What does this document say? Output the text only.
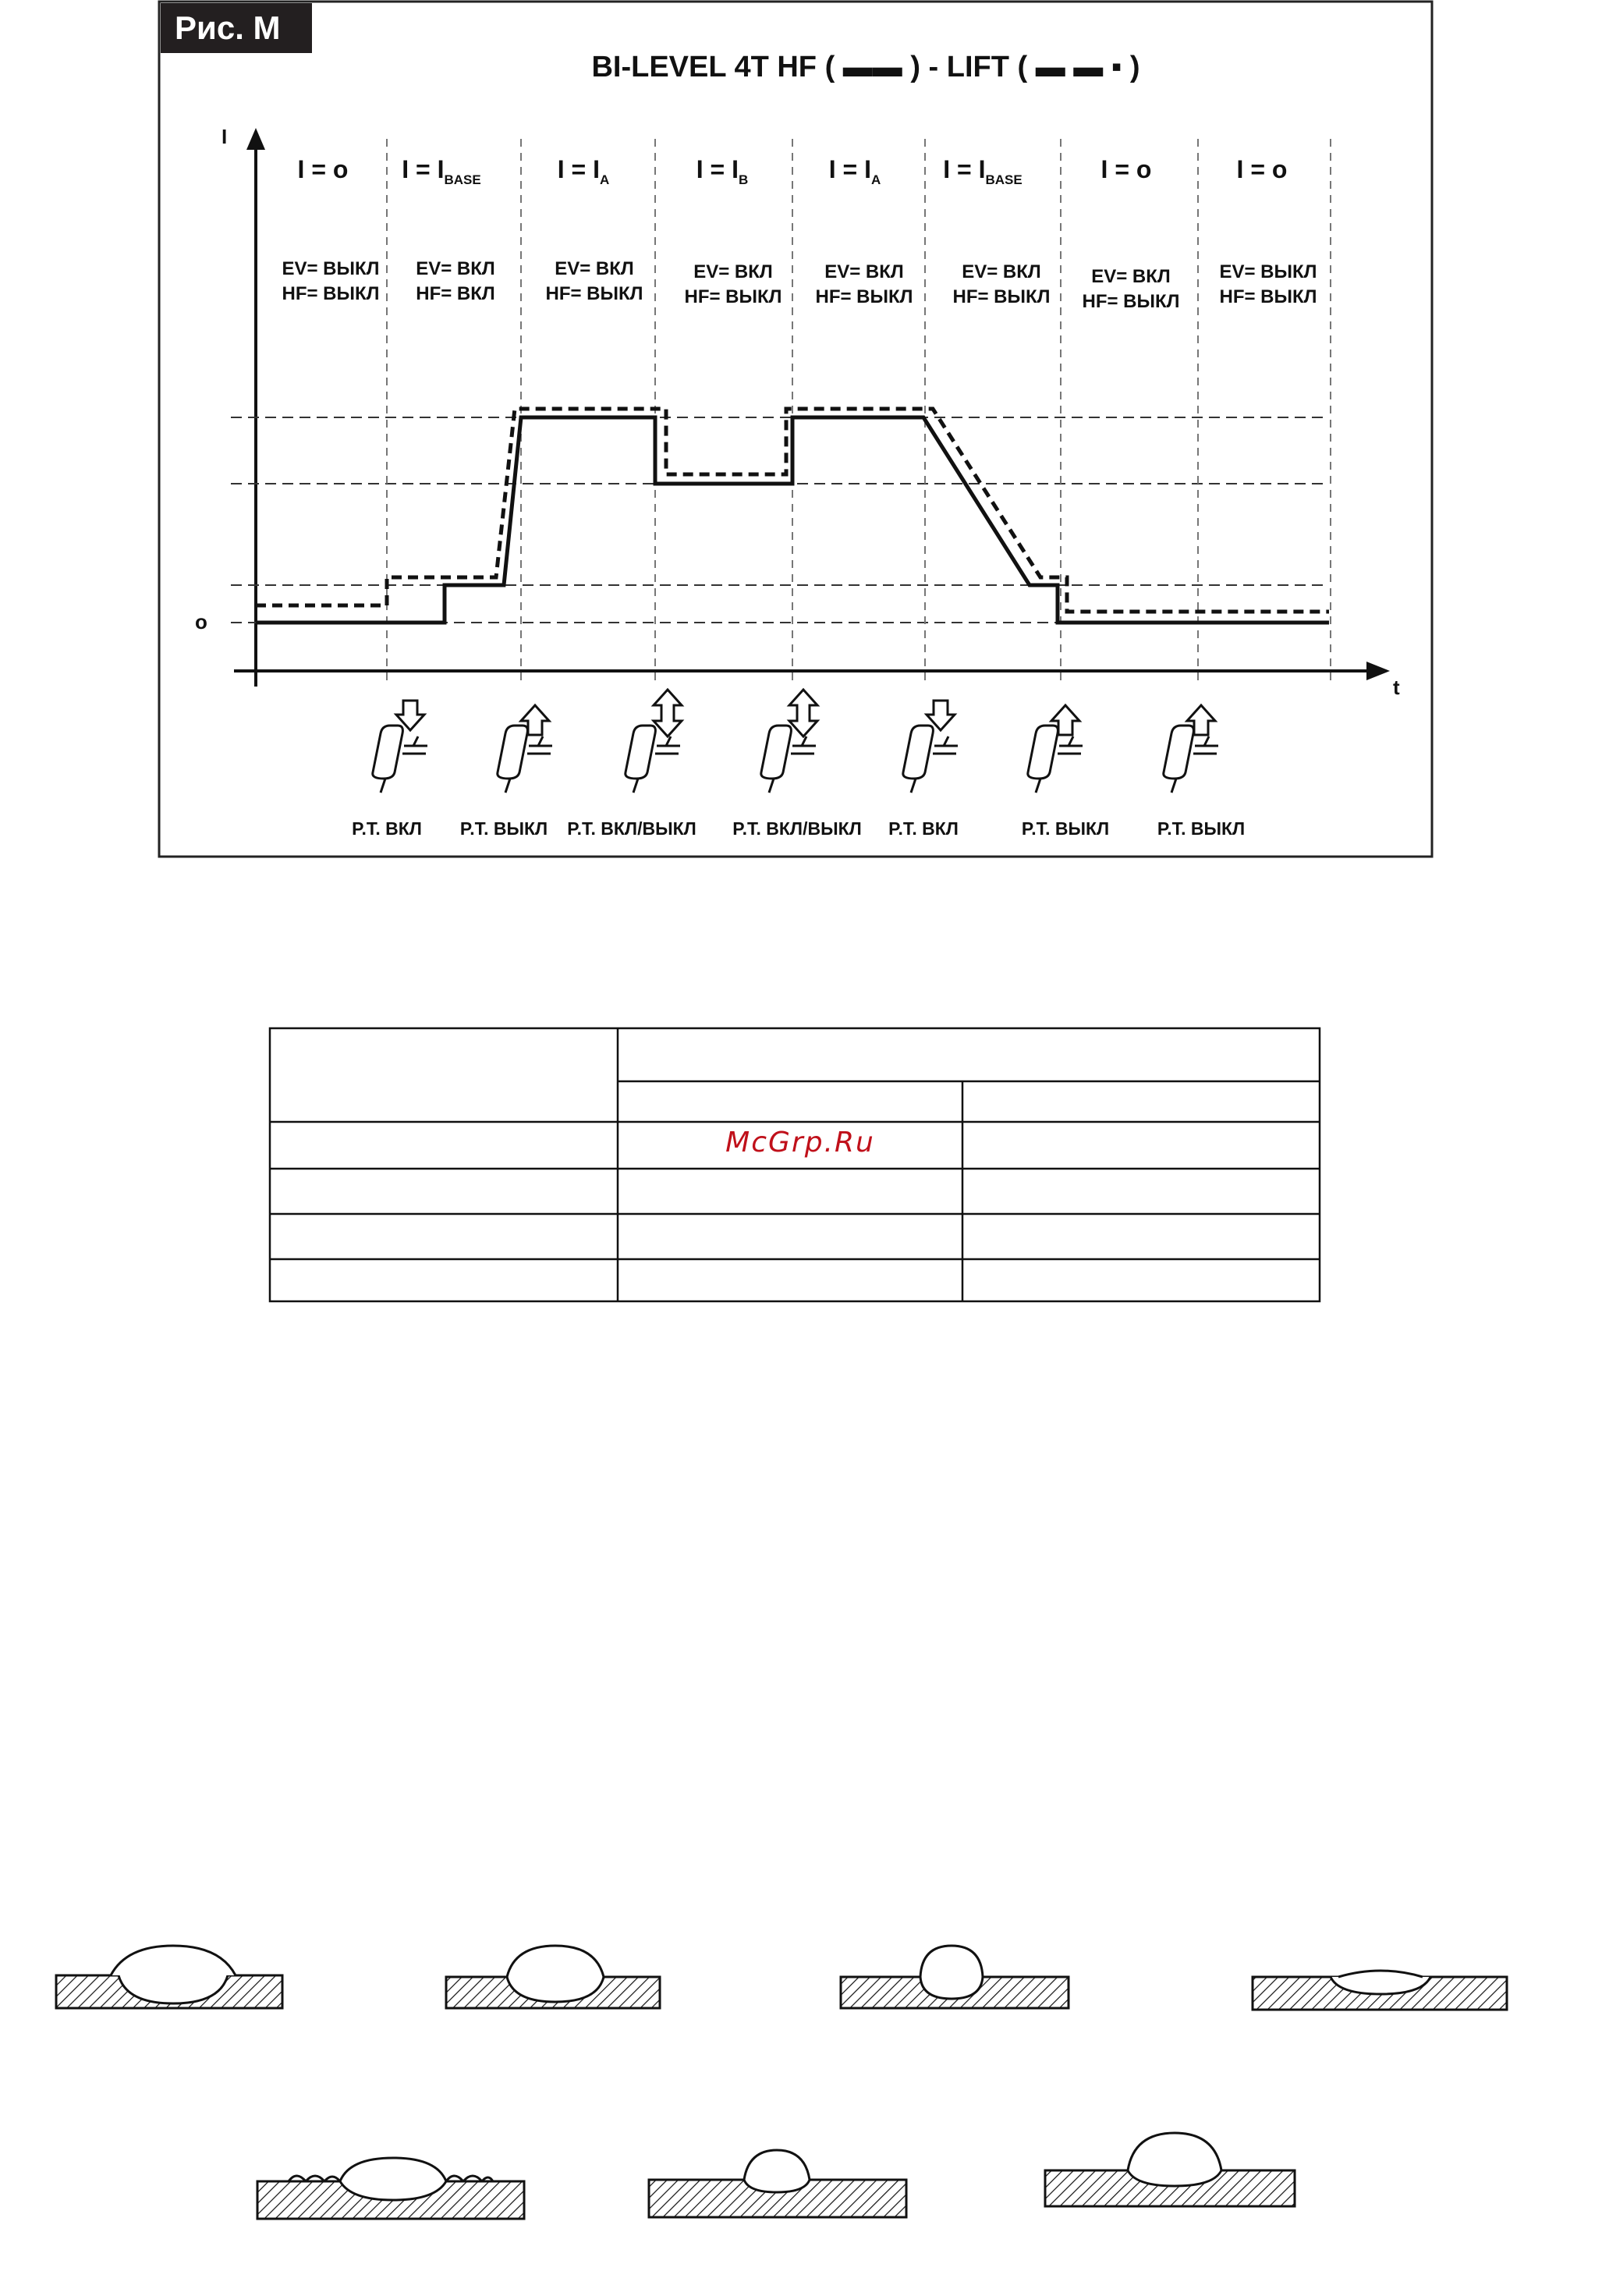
Рис. M
BI-LEVEL 4T HF ( ▬▬ ) - LIFT ( ▬ ▬ ▪ )
I
t
o
I = o $I = I_{BASE}$	$I = I_A$	$I = I_B$	$I = I_A$ $I = I_{BASE}$	I = o	I = o
EV= ВЫКЛ
HF= ВЫКЛ
EV= ВКЛ
HF= ВКЛ
EV= ВКЛ
HF= ВЫКЛ
EV= ВКЛ
HF= ВЫКЛ
EV= ВКЛ
HF= ВЫКЛ
EV= ВКЛ
HF= ВЫКЛ
EV= ВКЛ
HF= ВЫКЛ
EV= ВЫКЛ
HF= ВЫКЛ
P.T. ВКЛ P.T. ВЫКЛ P.T. ВКЛ/ВЫКЛ P.T. ВКЛ/ВЫКЛ P.T. ВКЛ	P.T. ВЫКЛ	P.T. ВЫКЛ
McGrp.Ru
